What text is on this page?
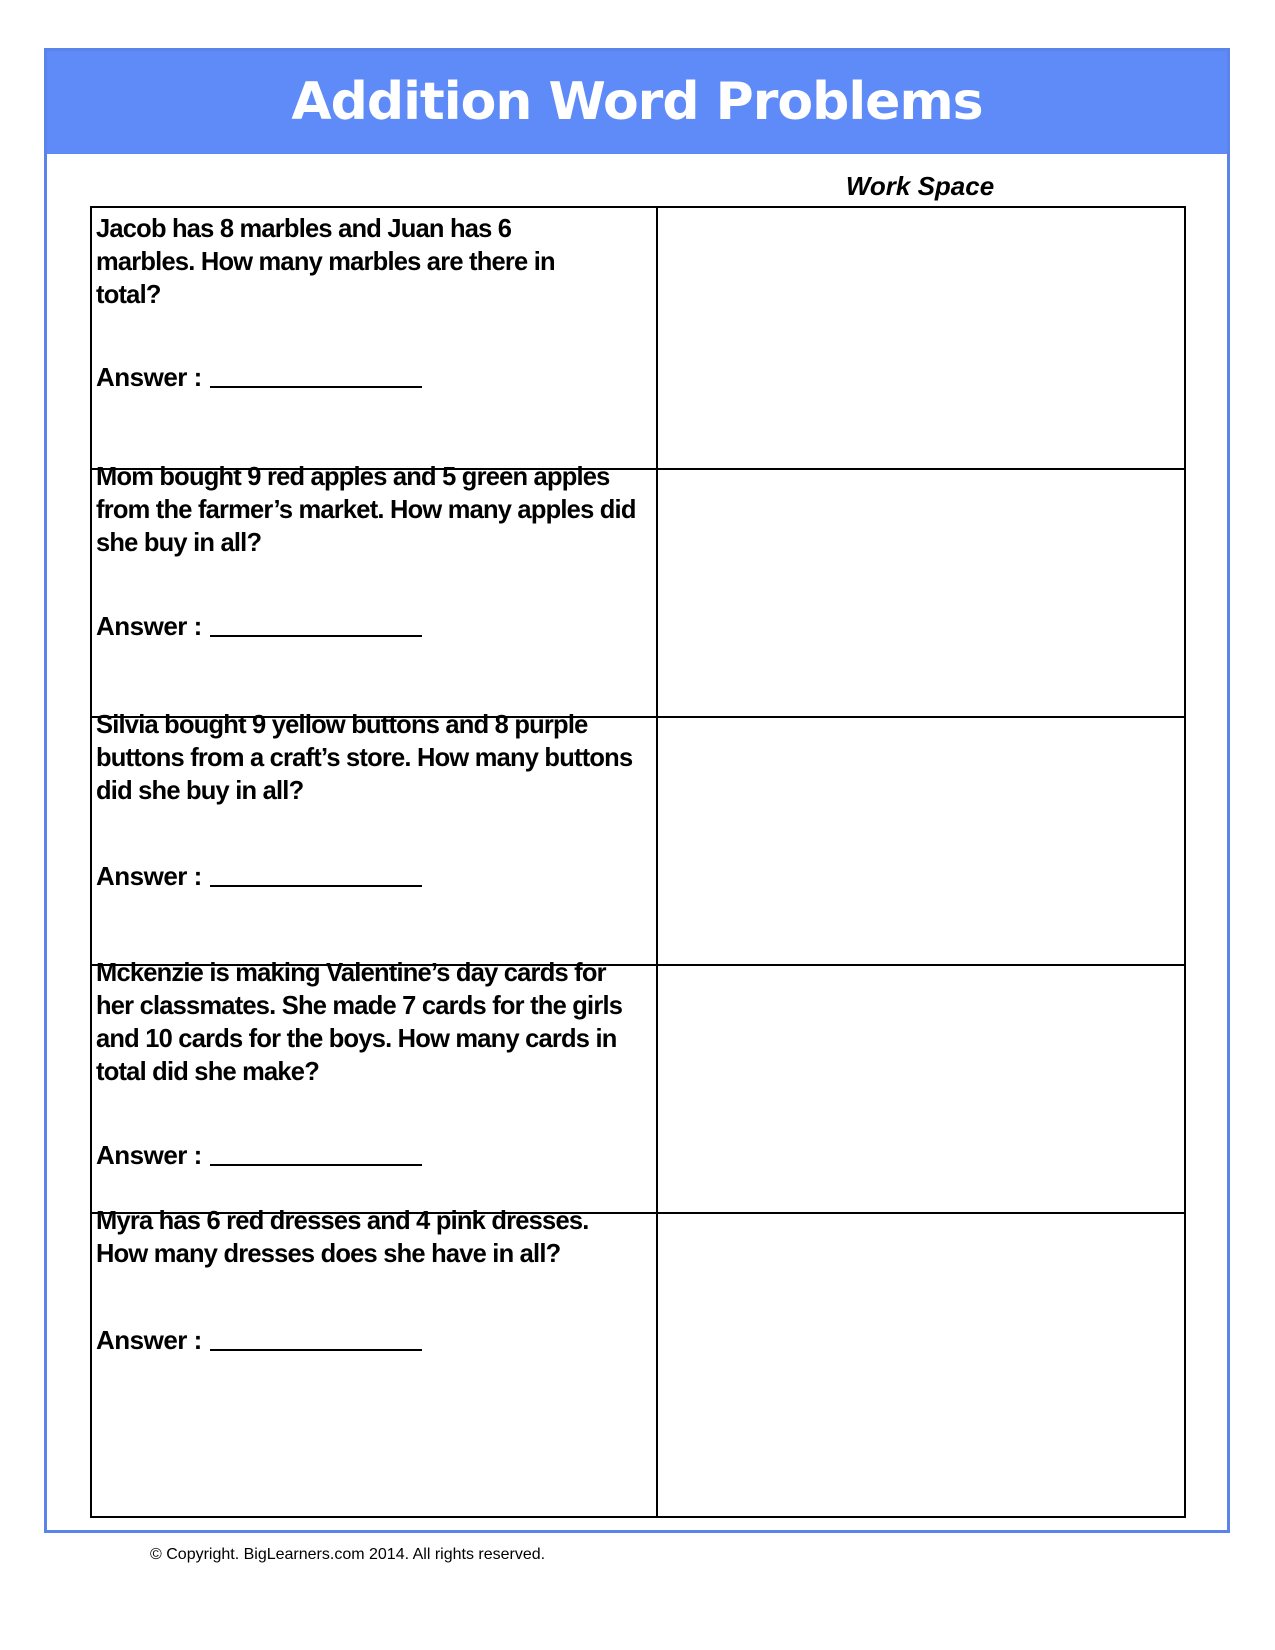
Addition Word Problems
Work Space
Jacob has 8 marbles and Juan has 6 marbles. How many marbles are there in total?
Answer :
Mom bought 9 red apples and 5 green apples from the farmer’s market. How many apples did she buy in all?
Answer :
Silvia bought 9 yellow buttons and 8 purple buttons from a craft’s store. How many buttons did she buy in all?
Answer :
Mckenzie is making Valentine’s day cards for her classmates. She made 7 cards for the girls and 10 cards for the boys. How many cards in total did she make?
Answer :
Myra has 6 red dresses and 4 pink dresses. How many dresses does she have in all?
Answer :
© Copyright. BigLearners.com 2014. All rights reserved.
